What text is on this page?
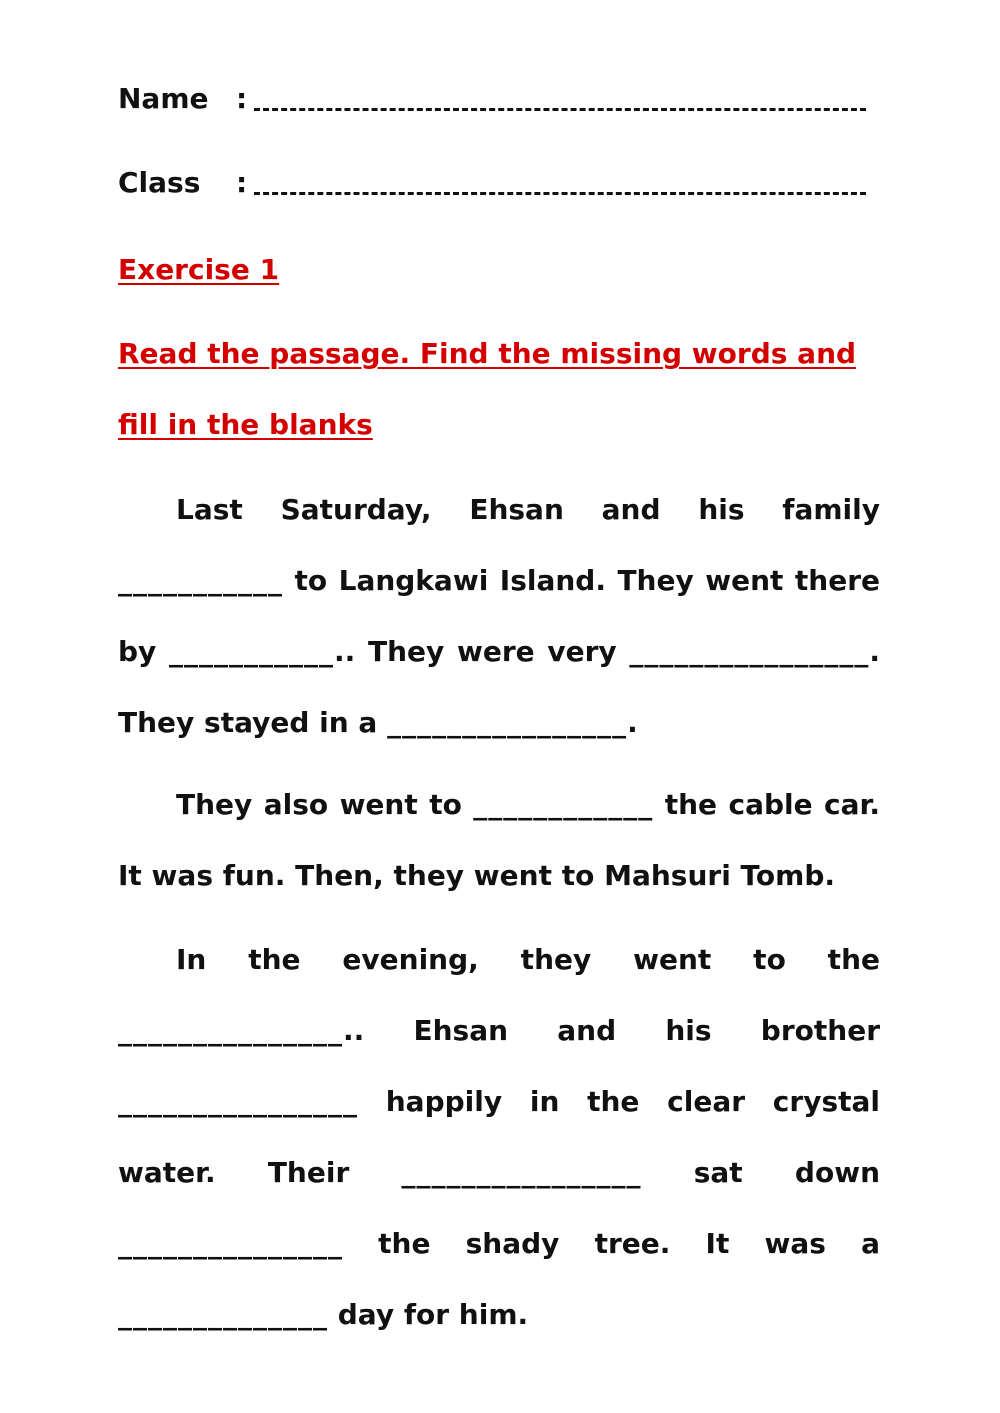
Name :
Class :

Exercise 1

Read the passage. Find the missing words and fill in the blanks

Last Saturday, Ehsan and his family ___________ to Langkawi Island. They went there by ___________.. They were very ________________. They stayed in a ________________.

They also went to ____________ the cable car. It was fun. Then, they went to Mahsuri Tomb.

In the evening, they went to the _______________.. Ehsan and his brother ________________ happily in the clear crystal water. Their ________________ sat down _______________ the shady tree. It was a ______________ day for him.
